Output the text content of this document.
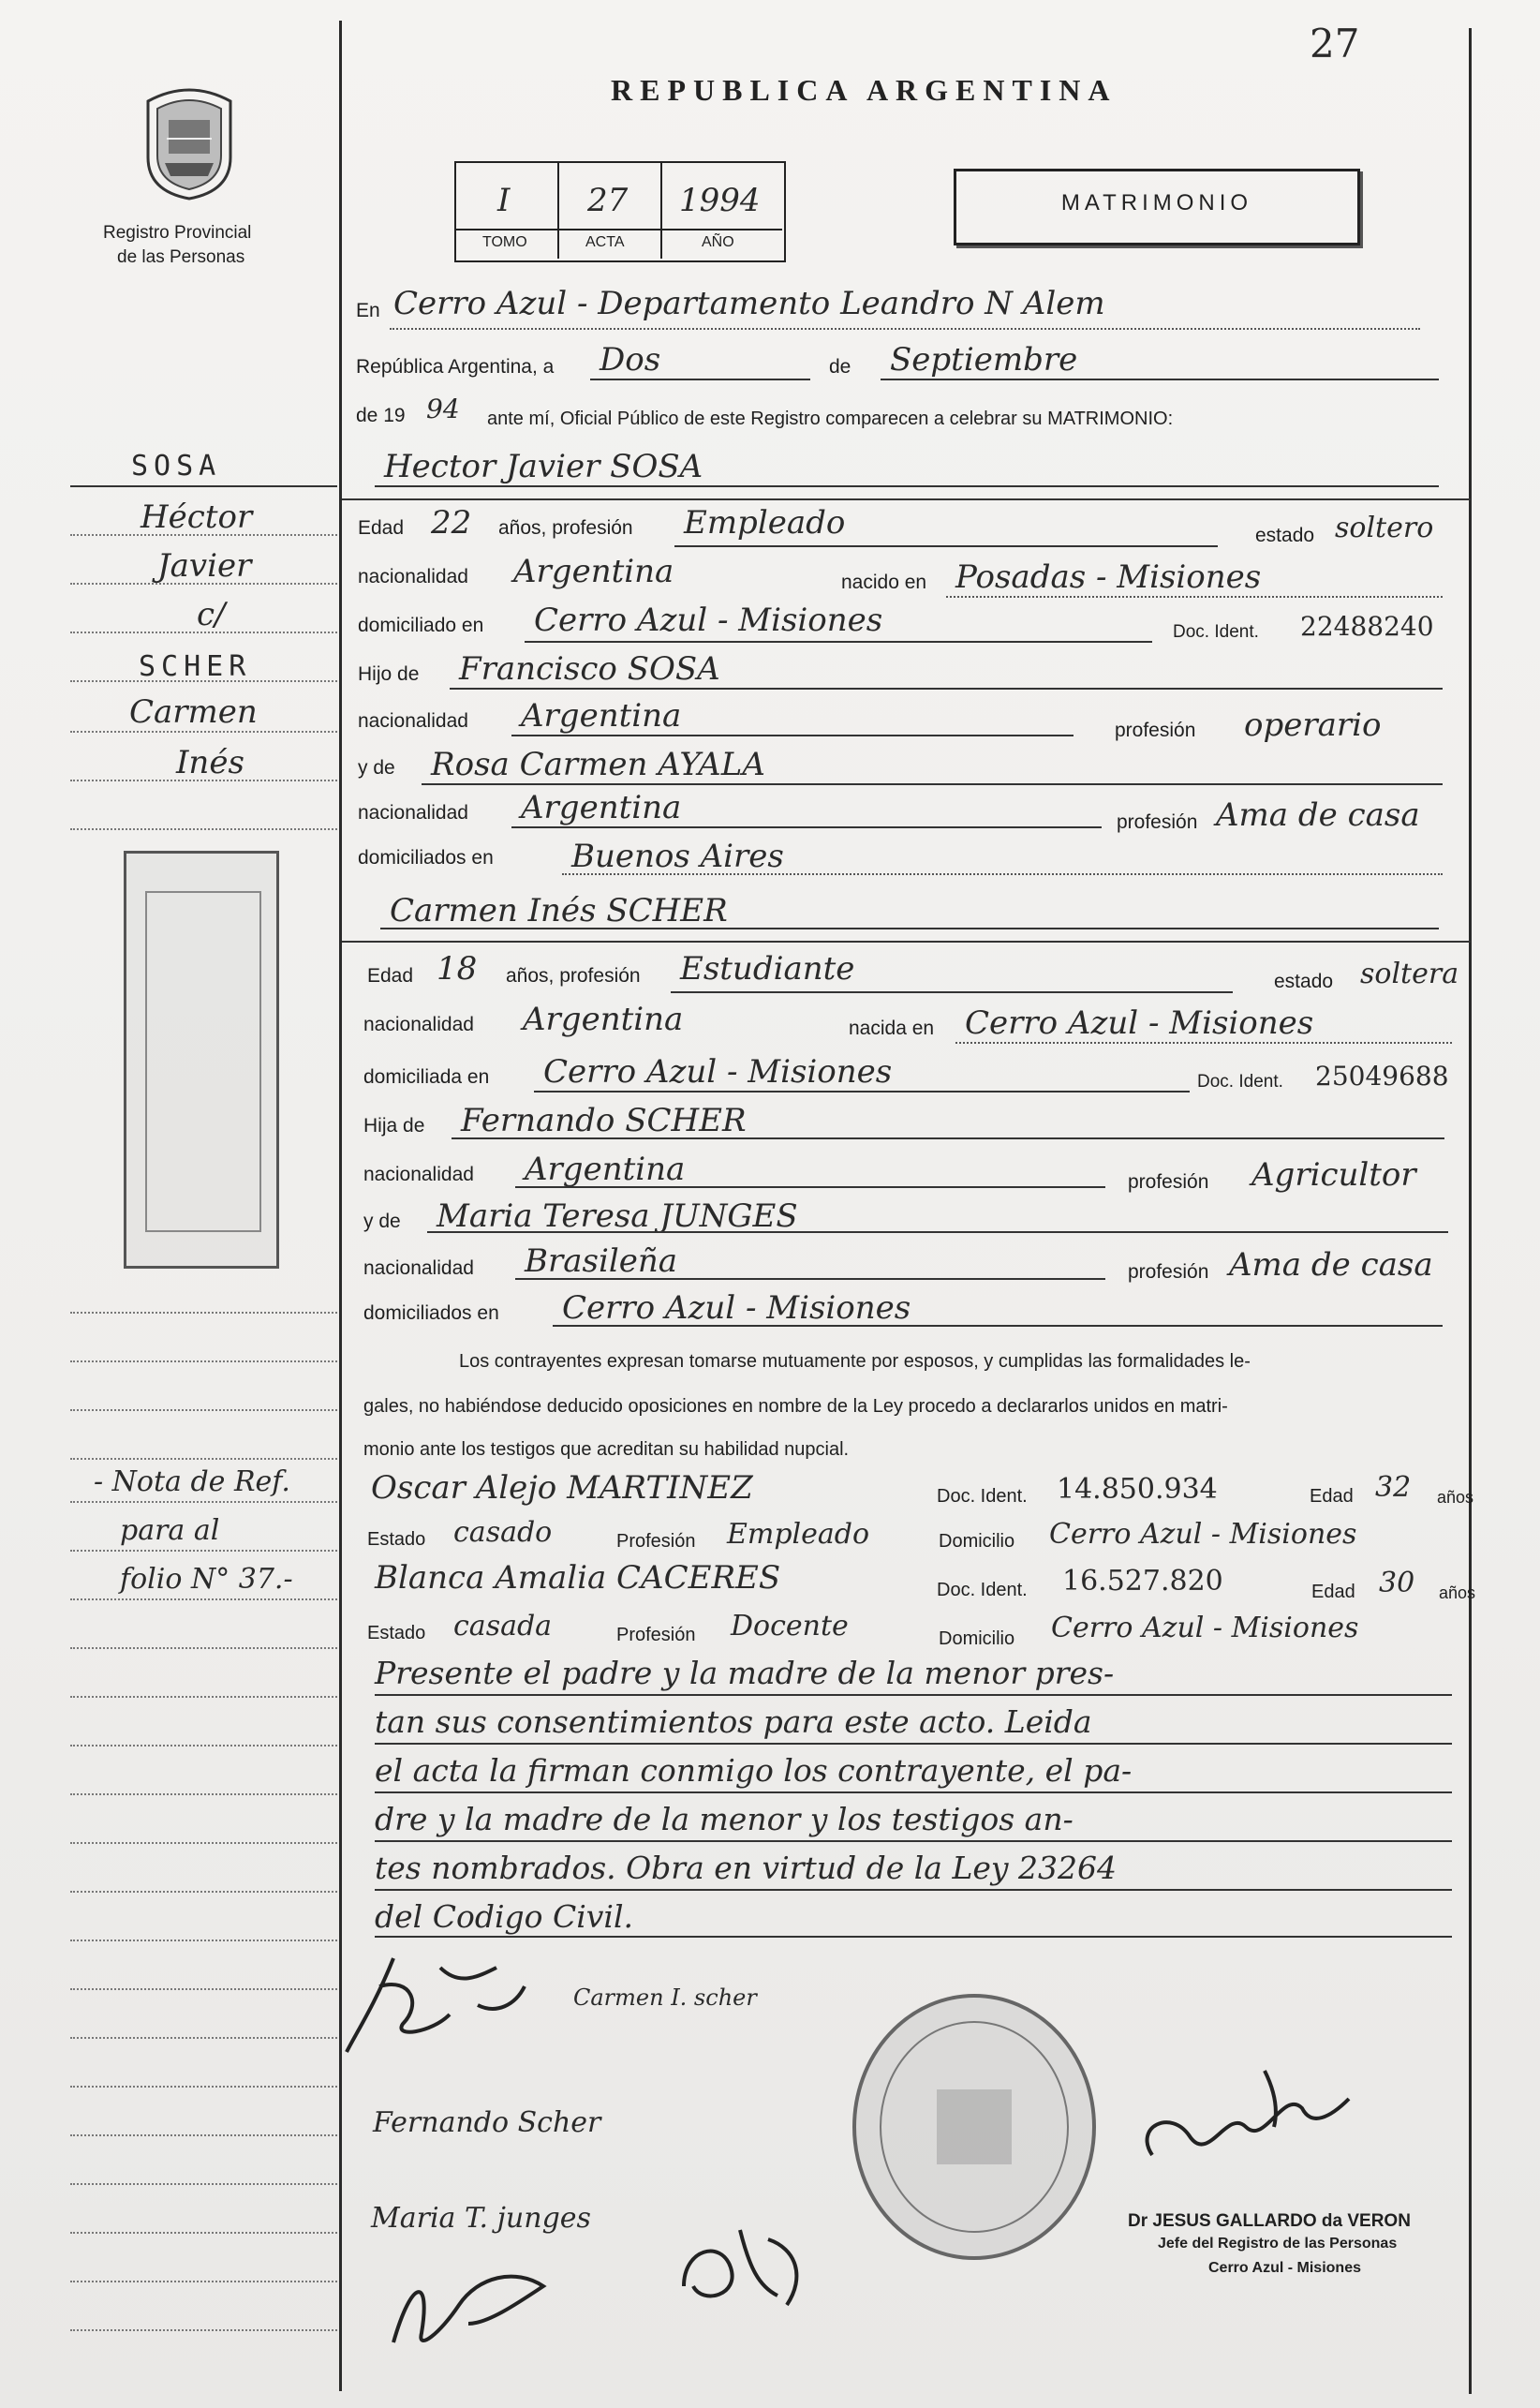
27
Registro Provincial
de las Personas
REPUBLICA ARGENTINA
I 27 1994
TOMO	ACTA	AÑO
MATRIMONIO
En Cerro Azul - Departamento Leandro N Alem
República Argentina, a Dos	de Septiembre
de 19 94 ante mí, Oficial Público de este Registro comparecen a celebrar su MATRIMONIO:
Hector Javier SOSA
Edad 22 años, profesión Empleado	estado soltero
nacionalidad Argentina	nacido en Posadas - Misiones
domiciliado en Cerro Azul - Misiones	Doc. Ident. 22488240
Hijo de Francisco SOSA
nacionalidad Argentina	profesión operario
y de Rosa Carmen AYALA
nacionalidad Argentina	profesión Ama de casa
domiciliados en Buenos Aires
Carmen Inés SCHER
Edad 18 años, profesión Estudiante	estado soltera
nacionalidad Argentina	nacida en Cerro Azul - Misiones
domiciliada en Cerro Azul - Misiones	Doc. Ident. 25049688
Hija de Fernando SCHER
nacionalidad Argentina	profesión Agricultor
y de Maria Teresa JUNGES
nacionalidad Brasileña	profesión Ama de casa
domiciliados en Cerro Azul - Misiones
Los contrayentes expresan tomarse mutuamente por esposos, y cumplidas las formalidades le-
gales, no habiéndose deducido oposiciones en nombre de la Ley procedo a declararlos unidos en matri-
monio ante los testigos que acreditan su habilidad nupcial.
Oscar Alejo MARTINEZ	Doc. Ident. 14.850.934	Edad 32 años
Estado casado	Profesión Empleado	Domicilio Cerro Azul - Misiones
Blanca Amalia CACERES	Doc. Ident. 16.527.820	Edad 30 años
Estado casada	Profesión Docente	Domicilio Cerro Azul - Misiones
Presente el padre y la madre de la menor pres-
tan sus consentimientos para este acto. Leida
el acta la firman conmigo los contrayente, el pa-
dre y la madre de la menor y los testigos an-
tes nombrados. Obra en virtud de la Ley 23264
del Codigo Civil.
SOSA
Héctor
Javier
c/
SCHER
Carmen
Inés
- Nota de Ref.
para al
folio N° 37.-
Carmen I. scher
Fernando Scher
Maria T. junges	Dr JESUS GALLARDO da VERON
Jefe del Registro de las Personas
Cerro Azul - Misiones
